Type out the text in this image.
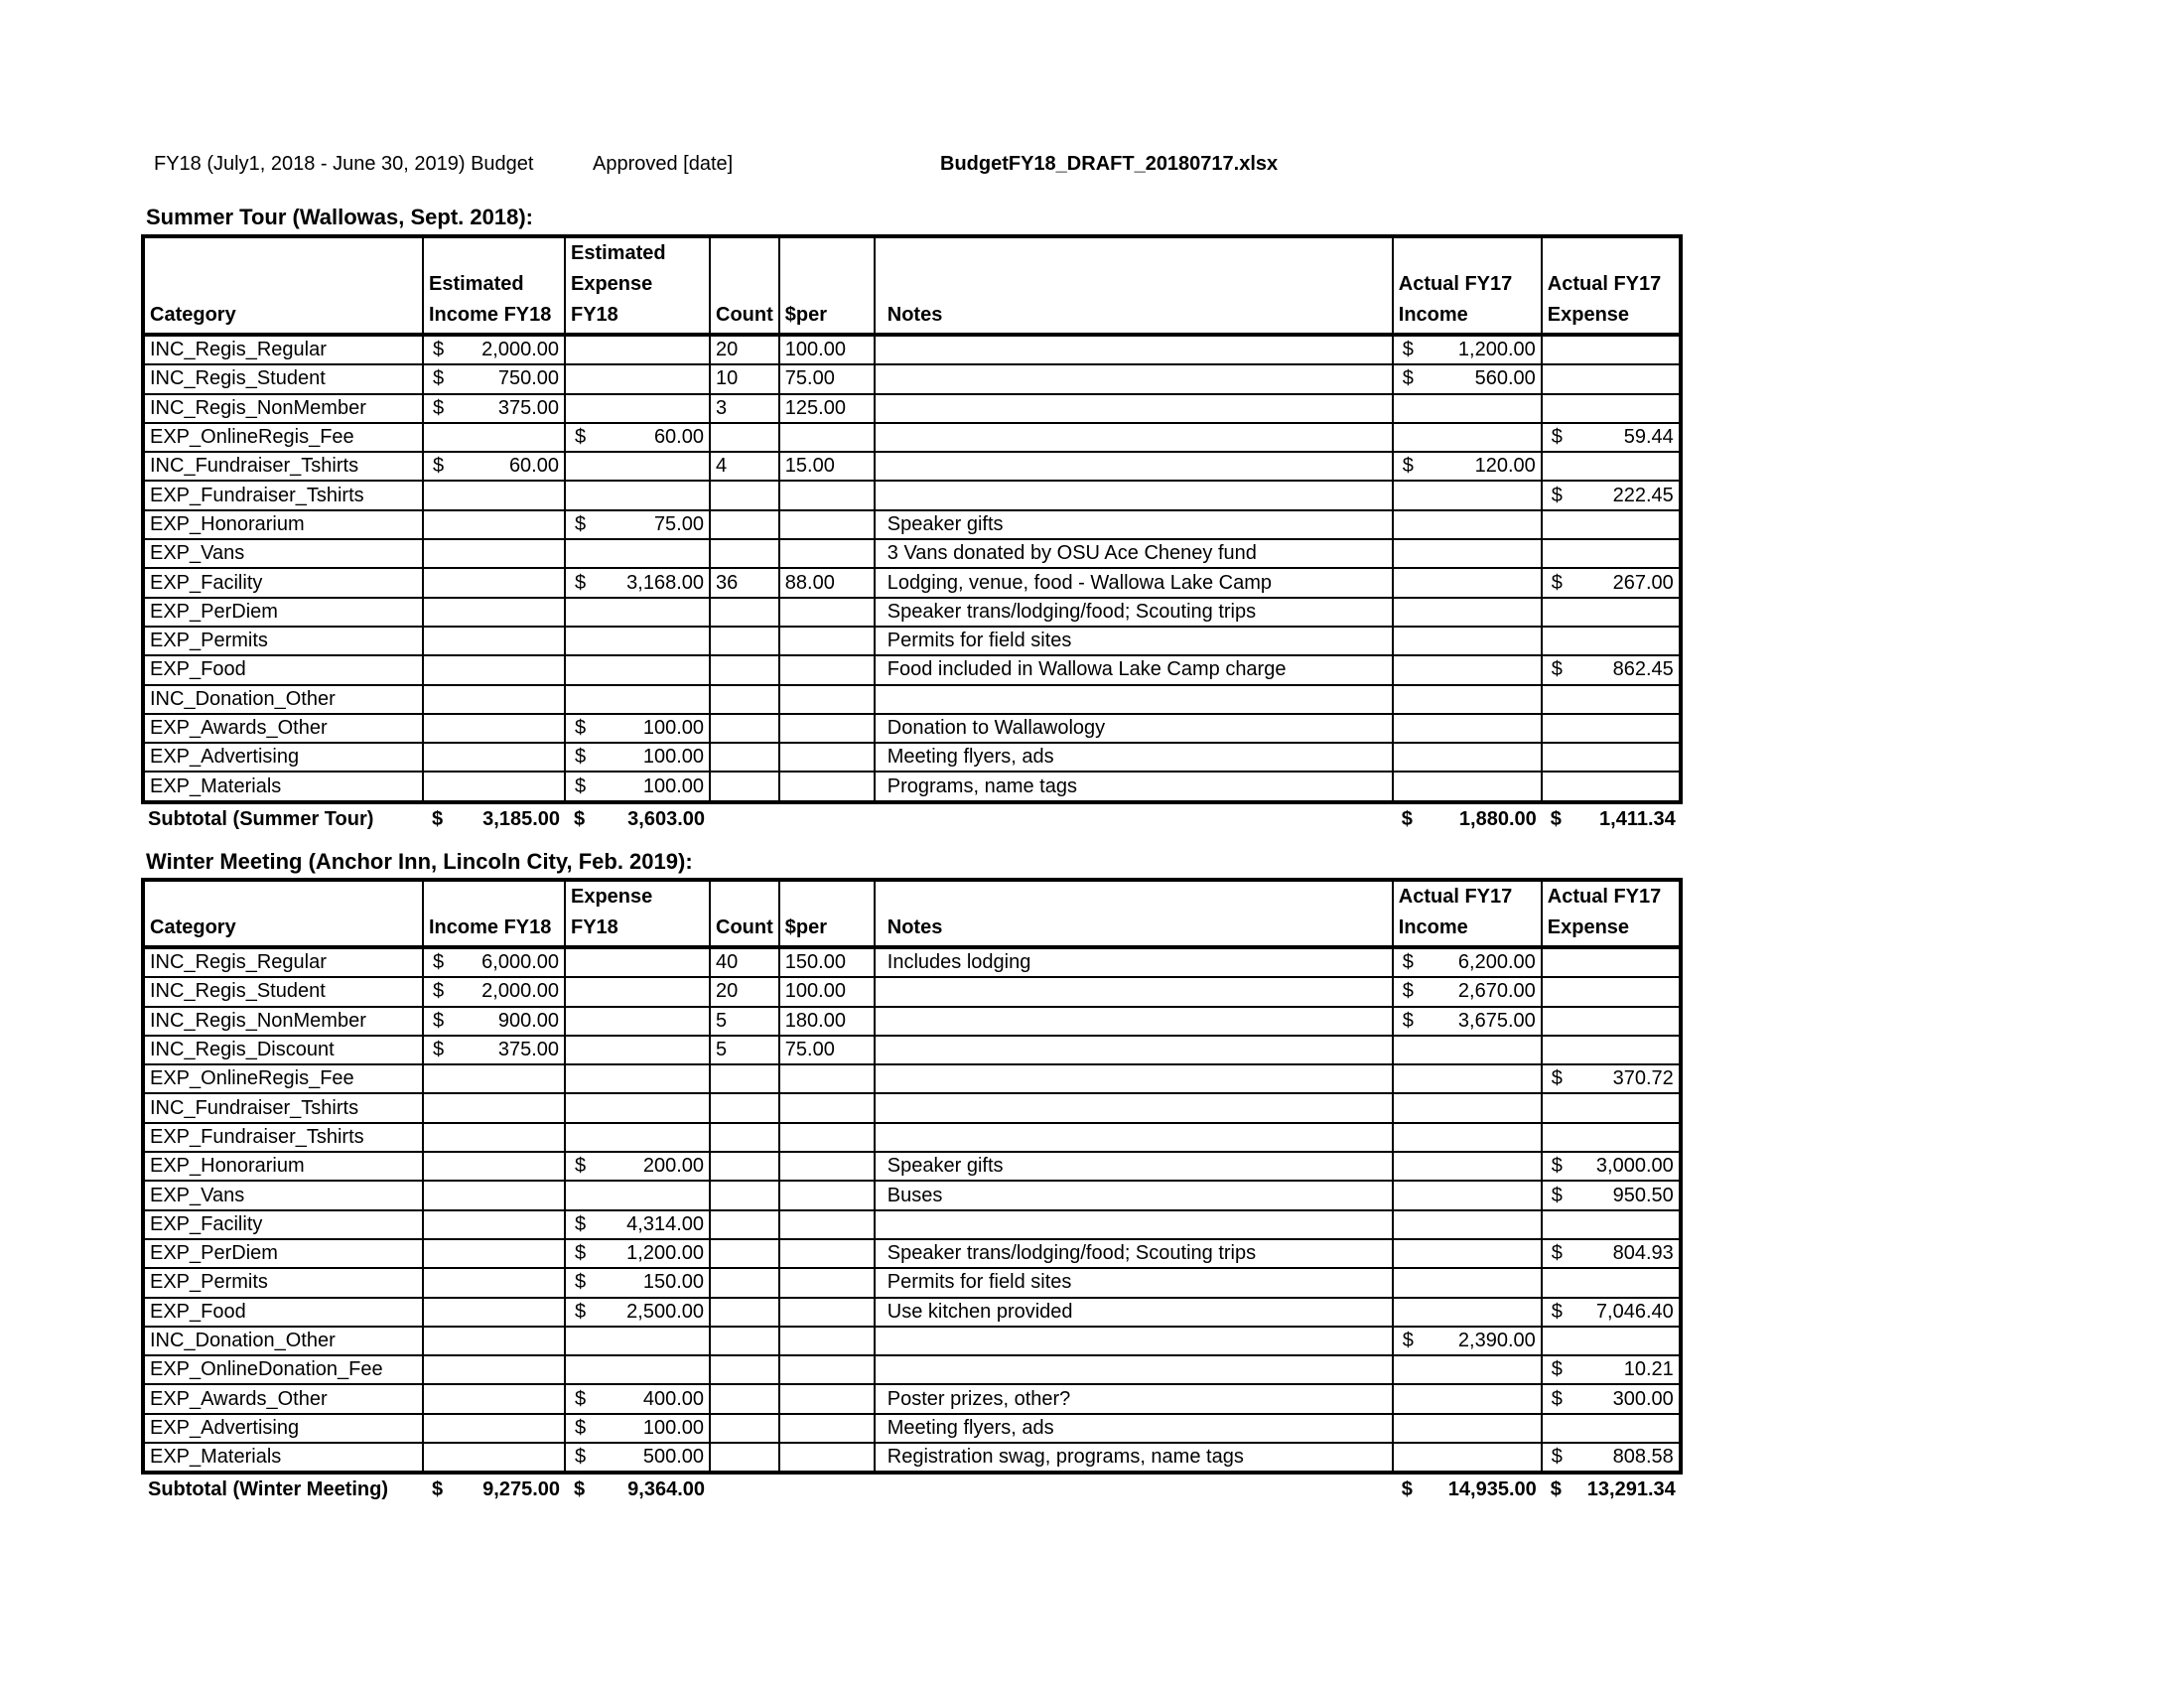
FY18 (July1, 2018 - June 30, 2019) Budget	Approved [date]	BudgetFY18_DRAFT_20180717.xlsx
Summer Tour (Wallowas, Sept. 2018):
Category	Estimated Income FY18	Estimated Expense FY18	Count	$per	Notes	Actual FY17 Income	Actual FY17 Expense
INC_Regis_Regular	$ 2,000.00		20	100.00		$ 1,200.00	

INC_Regis_Student	$ 750.00		10	75.00		$ 560.00	

INC_Regis_NonMember	$ 375.00		3	125.00			
EXP_OnlineRegis_Fee		$ 60.00					$ 59.44

INC_Fundraiser_Tshirts	$ 60.00		4	15.00		$ 120.00	

EXP_Fundraiser_Tshirts							$ 222.45

EXP_Honorarium		$ 75.00			Speaker gifts		
EXP_Vans					3 Vans donated by OSU Ace Cheney fund		
EXP_Facility		$ 3,168.00	36	88.00	Lodging, venue, food - Wallowa Lake Camp		$ 267.00

EXP_PerDiem					Speaker trans/lodging/food; Scouting trips		
EXP_Permits					Permits for field sites		
EXP_Food					Food included in Wallowa Lake Camp charge		$ 862.45

INC_Donation_Other							
EXP_Awards_Other		$ 100.00			Donation to Wallawology		
EXP_Advertising		$ 100.00			Meeting flyers, ads		
EXP_Materials		$ 100.00			Programs, name tags		
Subtotal (Summer Tour)	$ 3,185.00	$ 3,603.00				$ 1,880.00	$ 1,411.34
Winter Meeting (Anchor Inn, Lincoln City, Feb. 2019):
Category	Income FY18	Expense FY18	Count	$per	Notes	Actual FY17 Income	Actual FY17 Expense
INC_Regis_Regular	$ 6,000.00		40	150.00	Includes lodging	$ 6,200.00	

INC_Regis_Student	$ 2,000.00		20	100.00		$ 2,670.00	

INC_Regis_NonMember	$ 900.00		5	180.00		$ 3,675.00	

INC_Regis_Discount	$ 375.00		5	75.00			
EXP_OnlineRegis_Fee							$ 370.72

INC_Fundraiser_Tshirts							
EXP_Fundraiser_Tshirts							
EXP_Honorarium		$ 200.00			Speaker gifts		$ 3,000.00

EXP_Vans					Buses		$ 950.50

EXP_Facility		$ 4,314.00					

EXP_PerDiem		$ 1,200.00			Speaker trans/lodging/food; Scouting trips		$ 804.93

EXP_Permits		$ 150.00			Permits for field sites		
EXP_Food		$ 2,500.00			Use kitchen provided		$ 7,046.40

INC_Donation_Other						$ 2,390.00	

EXP_OnlineDonation_Fee							$ 10.21

EXP_Awards_Other		$ 400.00			Poster prizes, other?		$ 300.00

EXP_Advertising		$ 100.00			Meeting flyers, ads		
EXP_Materials		$ 500.00			Registration swag, programs, name tags		$ 808.58

Subtotal (Winter Meeting)	$ 9,275.00	$ 9,364.00				$ 14,935.00	$ 13,291.34
